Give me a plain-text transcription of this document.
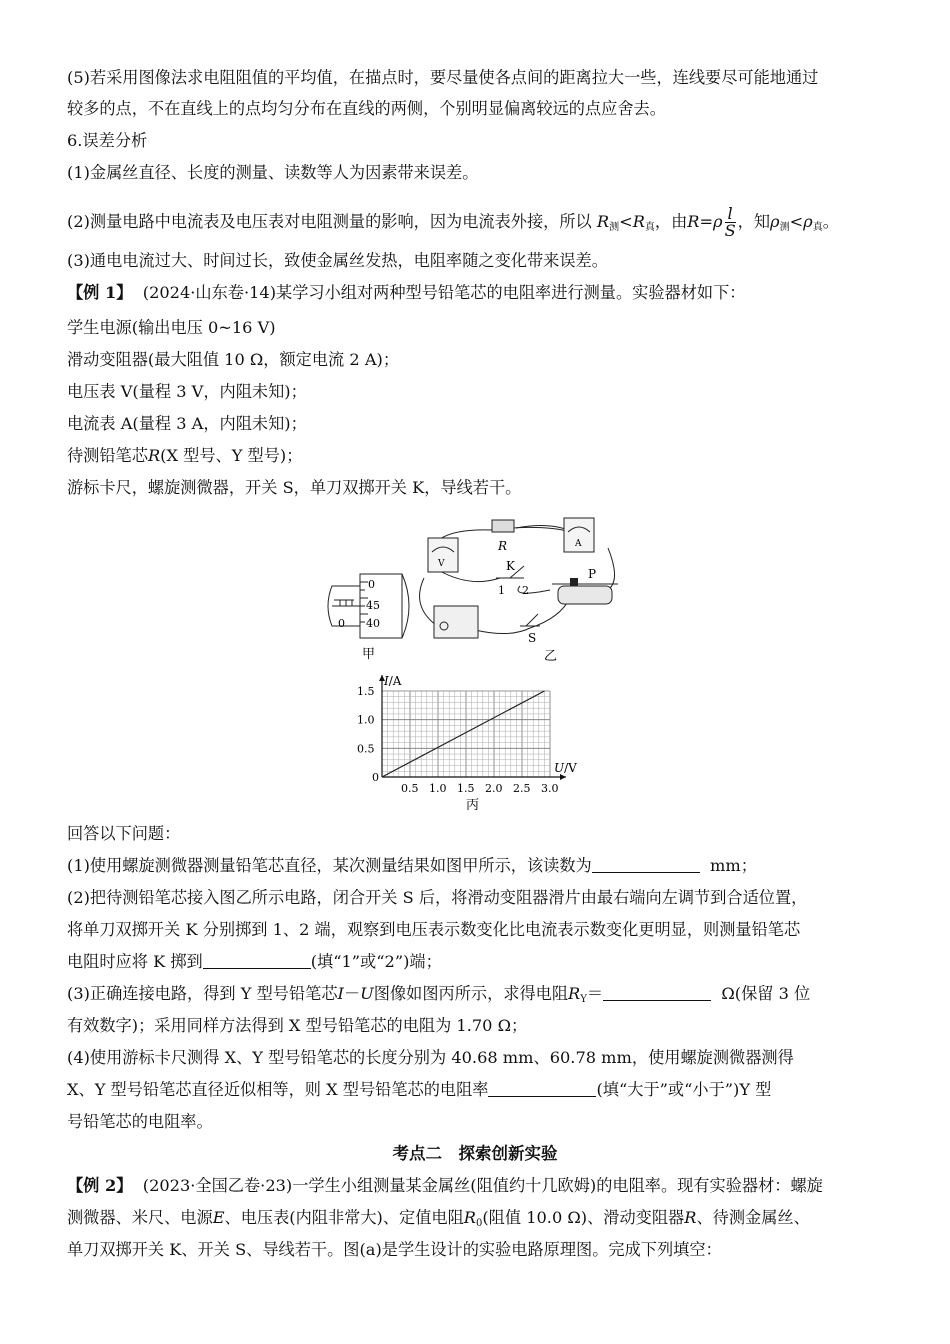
(5)若采用图像法求电阻阻值的平均值，在描点时，要尽量使各点间的距离拉大一些，连线要尽可能地通过
较多的点，不在直线上的点均匀分布在直线的两侧，个别明显偏离较远的点应舍去。
6.误差分析
(1)金属丝直径、长度的测量、读数等人为因素带来误差。
(2)测量电路中电流表及电压表对电阻测量的影响，因为电流表外接，所以 $R_测<R_真$，由$R=\rho \frac{l}{S}$ ，知$\rho_测<\rho_真$。
(3)通电电流过大、时间过长，致使金属丝发热，电阻率随之变化带来误差。
【例 1】 (2024·山东卷·14)某学习小组对两种型号铅笔芯的电阻率进行测量。实验器材如下：
学生电源(输出电压 0~16 V)
滑动变阻器(最大阻值 10 Ω，额定电流 2 A)；
电压表 V(量程 3 V，内阻未知)；
电流表 A(量程 3 A，内阻未知)；
待测铅笔芯R(X 型号、Y 型号)；
游标卡尺，螺旋测微器，开关 S，单刀双掷开关 K，导线若干。
0
45
40
0
甲
V
A
R
K
1 2
P
S
乙
0.5 1.0 1.5 2.0 2.5 3.0
0.5
1.0
1.5
I/A
U/V
0
丙
回答以下问题：
(1)使用螺旋测微器测量铅笔芯直径，某次测量结果如图甲所示，该读数为	mm；
(2)把待测铅笔芯接入图乙所示电路，闭合开关 S 后，将滑动变阻器滑片由最右端向左调节到合适位置，
将单刀双掷开关 K 分别掷到 1、2 端，观察到电压表示数变化比电流表示数变化更明显，则测量铅笔芯
电阻时应将 K 掷到	(填“1”或“2”)端；
(3)正确连接电路，得到 Y 型号铅笔芯I－U图像如图丙所示，求得电阻$R_Y=$	Ω(保留 3 位
有效数字)；采用同样方法得到 X 型号铅笔芯的电阻为 1.70 Ω；
(4)使用游标卡尺测得 X、Y 型号铅笔芯的长度分别为 40.68 mm、60.78 mm，使用螺旋测微器测得
X、Y 型号铅笔芯直径近似相等，则 X 型号铅笔芯的电阻率	(填“大于”或“小于”)Y 型
号铅笔芯的电阻率。
考点二　探索创新实验
【例 2】 (2023·全国乙卷·23)一学生小组测量某金属丝(阻值约十几欧姆)的电阻率。现有实验器材：螺旋
测微器、米尺、电源E、电压表(内阻非常大)、定值电阻$R_0$(阻值 10.0 Ω)、滑动变阻器R、待测金属丝、
单刀双掷开关 K、开关 S、导线若干。图(a)是学生设计的实验电路原理图。完成下列填空：
